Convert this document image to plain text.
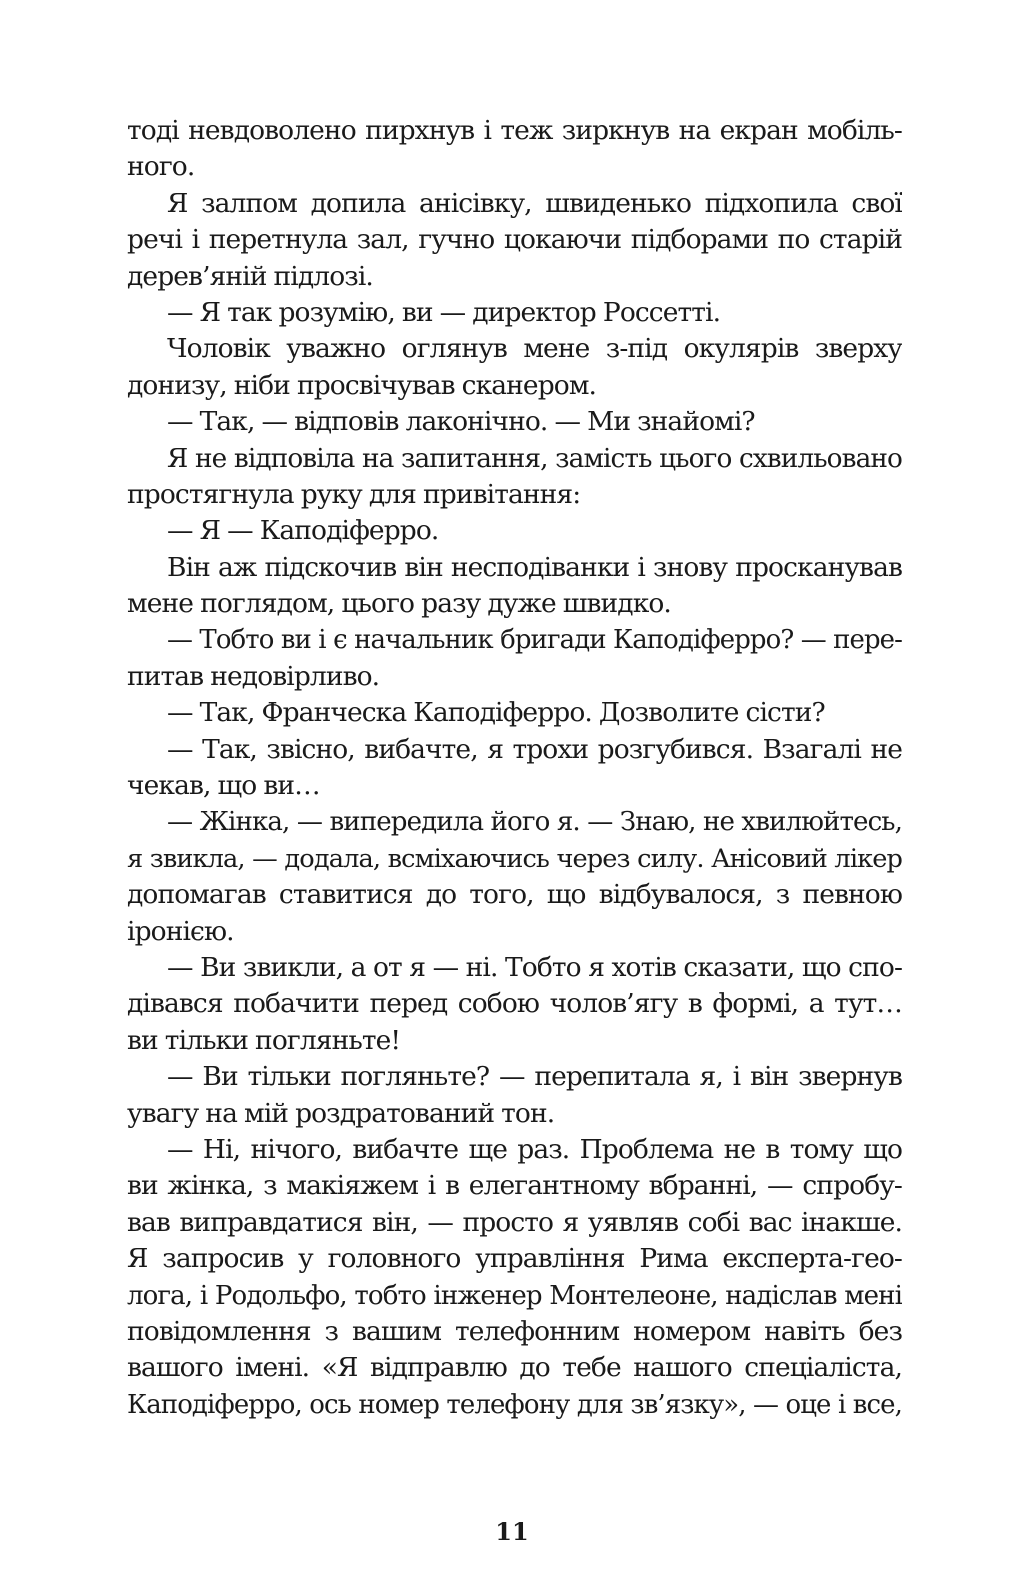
тоді невдоволено пирхнув і теж зиркнув на екран мобіль-
ного.
Я залпом допила анісівку, швиденько підхопила свої
речі і перетнула зал, гучно цокаючи підборами по старій
дерев’яній підлозі.
— Я так розумію, ви — директор Россетті.
Чоловік уважно оглянув мене з-під окулярів зверху
донизу, ніби просвічував сканером.
— Так, — відповів лаконічно. — Ми знайомі?
Я не відповіла на запитання, замість цього схвильовано
простягнула руку для привітання:
— Я — Каподіферро.
Він аж підскочив він несподіванки і знову просканував
мене поглядом, цього разу дуже швидко.
— Тобто ви і є начальник бригади Каподіферро? — пере-
питав недовірливо.
— Так, Франческа Каподіферро. Дозволите сісти?
— Так, звісно, вибачте, я трохи розгубився. Взагалі не
чекав, що ви…
— Жінка, — випередила його я. — Знаю, не хвилюйтесь,
я звикла, — додала, всміхаючись через силу. Анісовий лікер
допомагав ставитися до того, що відбувалося, з певною
іронією.
— Ви звикли, а от я — ні. Тобто я хотів сказати, що спо-
дівався побачити перед собою чолов’ягу в формі, а тут…
ви тільки погляньте!
— Ви тільки погляньте? — перепитала я, і він звернув
увагу на мій роздратований тон.
— Ні, нічого, вибачте ще раз. Проблема не в тому що
ви жінка, з макіяжем і в елегантному вбранні, — спробу-
вав виправдатися він, — просто я уявляв собі вас інакше.
Я запросив у головного управління Рима експерта-гео-
лога, і Родольфо, тобто інженер Монтелеоне, надіслав мені
повідомлення з вашим телефонним номером навіть без
вашого імені. «Я відправлю до тебе нашого спеціаліста,
Каподіферро, ось номер телефону для зв’язку», — оце і все,
11
